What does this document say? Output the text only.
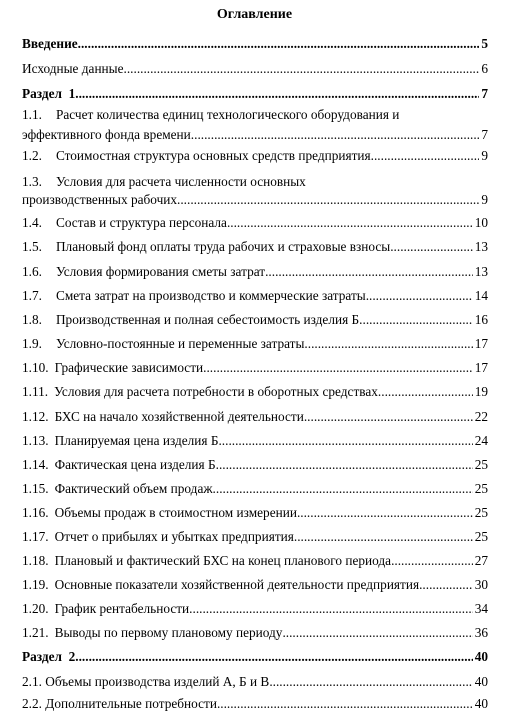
Оглавление
Введение .....	5
Исходные данные .....	6
Раздел  1 .....	7
1.1. Расчет количества единиц технологического оборудования и
эффективного фонда времени .....	7
1.2. Стоимостная структура основных средств предприятия .....	9
1.3. Условия для расчета численности основных
производственных рабочих .....	9
1.4. Состав и структура персонала .....	10
1.5. Плановый фонд оплаты труда рабочих и страховые взносы .....	13
1.6. Условия формирования сметы затрат .....	13
1.7. Смета затрат на производство и коммерческие затраты .....	14
1.8. Производственная и полная себестоимость изделия Б .....	16
1.9. Условно-постоянные и переменные затраты .....	17
1.10. Графические зависимости .....	17
1.11. Условия для расчета потребности в оборотных средствах .....	19
1.12. БХС на начало хозяйственной деятельности .....	22
1.13. Планируемая цена изделия Б .....	24
1.14. Фактическая цена изделия Б .....	25
1.15. Фактический объем продаж .....	25
1.16. Объемы продаж в стоимостном измерении .....	25
1.17. Отчет о прибылях и убытках предприятия .....	25
1.18. Плановый и фактический БХС на конец планового периода .....	27
1.19. Основные показатели хозяйственной деятельности предприятия .....	30
1.20. График рентабельности .....	34
1.21. Выводы по первому плановому периоду .....	36
Раздел  2 .....	40
2.1. Объемы производства изделий А, Б и В .....	40
2.2. Дополнительные потребности .....	40
